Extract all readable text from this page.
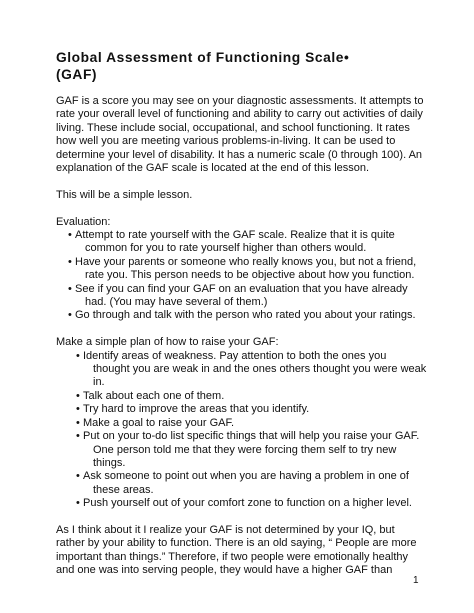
Global Assessment of Functioning Scale•
(GAF)

GAF is a score you may see on your diagnostic assessments. It attempts to
rate your overall level of functioning and ability to carry out activities of daily
living. These include social, occupational, and school functioning. It rates
how well you are meeting various problems-in-living. It can be used to
determine your level of disability. It has a numeric scale (0 through 100). An
explanation of the GAF scale is located at the end of this lesson.

This will be a simple lesson.

Evaluation:

• Attempt to rate yourself with the GAF scale. Realize that it is quite
common for you to rate yourself higher than others would.
• Have your parents or someone who really knows you, but not a friend,
rate you. This person needs to be objective about how you function.
• See if you can find your GAF on an evaluation that you have already
had. (You may have several of them.)
• Go through and talk with the person who rated you about your ratings.

Make a simple plan of how to raise your GAF:

• Identify areas of weakness. Pay attention to both the ones you
thought you are weak in and the ones others thought you were weak
in.
• Talk about each one of them.
• Try hard to improve the areas that you identify.
• Make a goal to raise your GAF.
• Put on your to-do list specific things that will help you raise your GAF.
One person told me that they were forcing them self to try new
things.
• Ask someone to point out when you are having a problem in one of
these areas.
• Push yourself out of your comfort zone to function on a higher level.

As I think about it I realize your GAF is not determined by your IQ, but
rather by your ability to function. There is an old saying, “ People are more
important than things.” Therefore, if two people were emotionally healthy
and one was into serving people, they would have a higher GAF than

1
